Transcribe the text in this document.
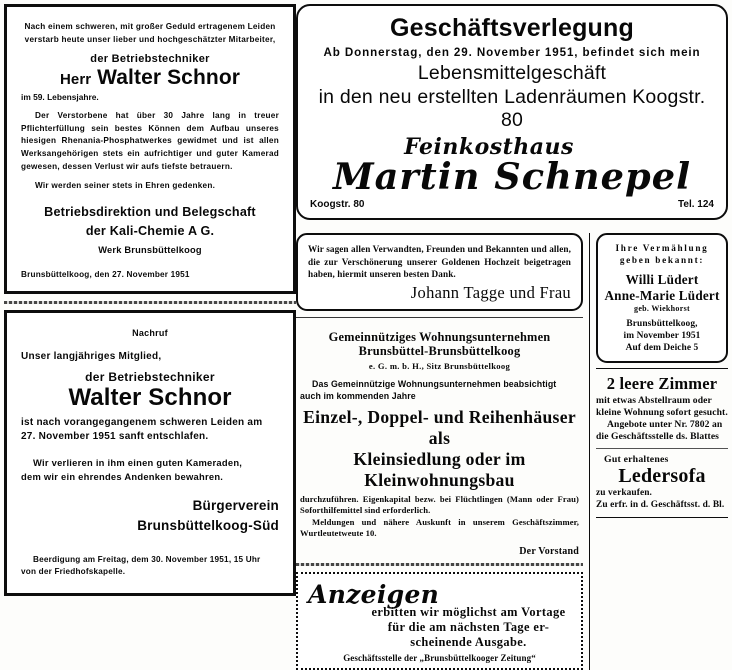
Nach einem schweren, mit großer Geduld ertragenem Leiden
verstarb heute unser lieber und hochgeschätzter Mitarbeiter,
der Betriebstechniker
Herr Walter Schnor
im 59. Lebensjahre.
Der Verstorbene hat über 30 Jahre lang in treuer Pflichterfüllung sein bestes Können dem Aufbau unseres hiesigen Rhenania-Phosphatwerkes gewidmet und ist allen Werksangehörigen stets ein aufrichtiger und guter Kamerad gewesen, dessen Verlust wir aufs tiefste betrauern.
Wir werden seiner stets in Ehren gedenken.
Betriebsdirektion und Belegschaft
der Kali-Chemie A G.
Werk Brunsbüttelkoog
Brunsbüttelkoog, den 27. November 1951
Nachruf
Unser langjähriges Mitglied,
der Betriebstechniker
Walter Schnor
ist nach vorangegangenem schweren Leiden am
27. November 1951 sanft entschlafen.
Wir verlieren in ihm einen guten Kameraden,

dem wir ein ehrendes Andenken bewahren.
Bürgerverein
Brunsbüttelkoog-Süd
Beerdigung am Freitag, dem 30. November 1951, 15 Uhr

von der Friedhofskapelle.
Geschäftsverlegung
Ab Donnerstag, den 29. November 1951, befindet sich mein
Lebensmittelgeschäft
in den neu erstellten Ladenräumen Koogstr. 80
Feinkosthaus
Martin Schnepel
Koogstr. 80	Tel. 124
Wir sagen allen Verwandten, Freunden und Bekannten und allen, die zur Verschönerung unserer Goldenen Hochzeit beigetragen haben, hiermit unseren besten Dank.
Johann Tagge und Frau
Gemeinnütziges Wohnungsunternehmen
Brunsbüttel-Brunsbüttelkoog
e. G. m. b. H., Sitz Brunsbüttelkoog
Das Gemeinnützige Wohnungsunternehmen beabsichtigt auch im kommenden Jahre
Einzel-, Doppel- und Reihenhäuser als
Kleinsiedlung oder im
Kleinwohnungsbau
durchzuführen. Eigenkapital bezw. bei Flüchtlingen (Mann oder Frau) Soforthilfemittel sind erforderlich.
Meldungen und nähere Auskunft in unserem Geschäftszimmer, Wurtleutetweute 10.
Der Vorstand
Anzeigen
erbitten wir möglichst am Vortage
für die am nächsten Tage er-
scheinende Ausgabe.
Geschäftsstelle der „Brunsbüttelkooger Zeitung“
Ihre Vermählung
geben bekannt:
Willi Lüdert
Anne-Marie Lüdert
geb. Wiekhorst
Brunsbüttelkoog,
im November 1951
Auf dem Deiche 5
2 leere Zimmer
mit etwas Abstellraum oder
kleine Wohnung sofort gesucht.
Angebote unter Nr. 7802 an
die Geschäftsstelle ds. Blattes
Gut erhaltenes
Ledersofa
zu verkaufen.
Zu erfr. in d. Geschäftsst. d. Bl.
